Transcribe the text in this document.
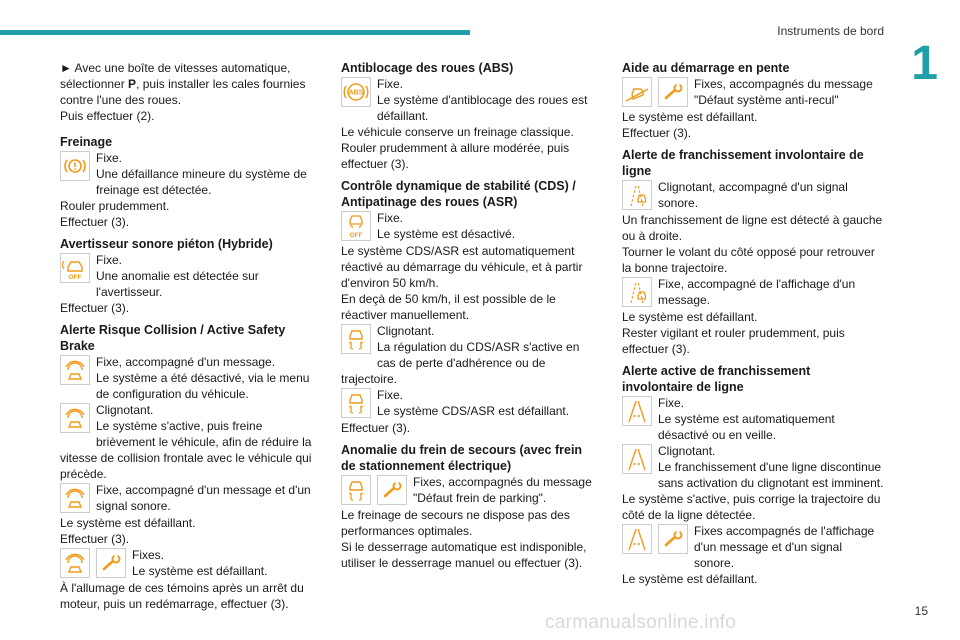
Instruments de bord
1

► Avec une boîte de vitesses automatique, sélectionner P, puis installer les cales fournies contre l'une des roues.

Puis effectuer (2).

Freinage

Fixe.
Une défaillance mineure du système de freinage est détectée.

Rouler prudemment.

Effectuer (3).

Avertisseur sonore piéton (Hybride)

Fixe.
Une anomalie est détectée sur l'avertisseur.

Effectuer (3).

Alerte Risque Collision / Active Safety Brake

Fixe, accompagné d'un message.
Le système a été désactivé, via le menu de configuration du véhicule.
Clignotant.
Le système s'active, puis freine brièvement le véhicule, afin de réduire la vitesse de collision frontale avec le véhicule qui précède.
Fixe, accompagné d'un message et d'un signal sonore.

Le système est défaillant.

Effectuer (3).

Fixes.
Le système est défaillant.

À l'allumage de ces témoins après un arrêt du moteur, puis un redémarrage, effectuer (3).

Antiblocage des roues (ABS)

Fixe.
Le système d'antiblocage des roues est défaillant.

Le véhicule conserve un freinage classique.

Rouler prudemment à allure modérée, puis effectuer (3).

Contrôle dynamique de stabilité (CDS) / Antipatinage des roues (ASR)

Fixe.
Le système est désactivé.

Le système CDS/ASR est automatiquement réactivé au démarrage du véhicule, et à partir d'environ 50 km/h.

En deçà de 50 km/h, il est possible de le réactiver manuellement.

Clignotant.
La régulation du CDS/ASR s'active en cas de perte d'adhérence ou de trajectoire.
Fixe.
Le système CDS/ASR est défaillant.

Effectuer (3).

Anomalie du frein de secours (avec frein de stationnement électrique)

Fixes, accompagnés du message "Défaut frein de parking".

Le freinage de secours ne dispose pas des performances optimales.

Si le desserrage automatique est indisponible, utiliser le desserrage manuel ou effectuer (3).

Aide au démarrage en pente

Fixes, accompagnés du message "Défaut système anti-recul"

Le système est défaillant.

Effectuer (3).

Alerte de franchissement involontaire de ligne

Clignotant, accompagné d'un signal sonore.

Un franchissement de ligne est détecté à gauche ou à droite.

Tourner le volant du côté opposé pour retrouver la bonne trajectoire.

Fixe, accompagné de l'affichage d'un message.

Le système est défaillant.

Rester vigilant et rouler prudemment, puis effectuer (3).

Alerte active de franchissement involontaire de ligne

Fixe.
Le système est automatiquement désactivé ou en veille.
Clignotant.
Le franchissement d'une ligne discontinue sans activation du clignotant est imminent.

Le système s'active, puis corrige la trajectoire du côté de la ligne détectée.

Fixes accompagnés de l'affichage d'un message et d'un signal sonore.

Le système est défaillant.

15
carmanualsonline.info
